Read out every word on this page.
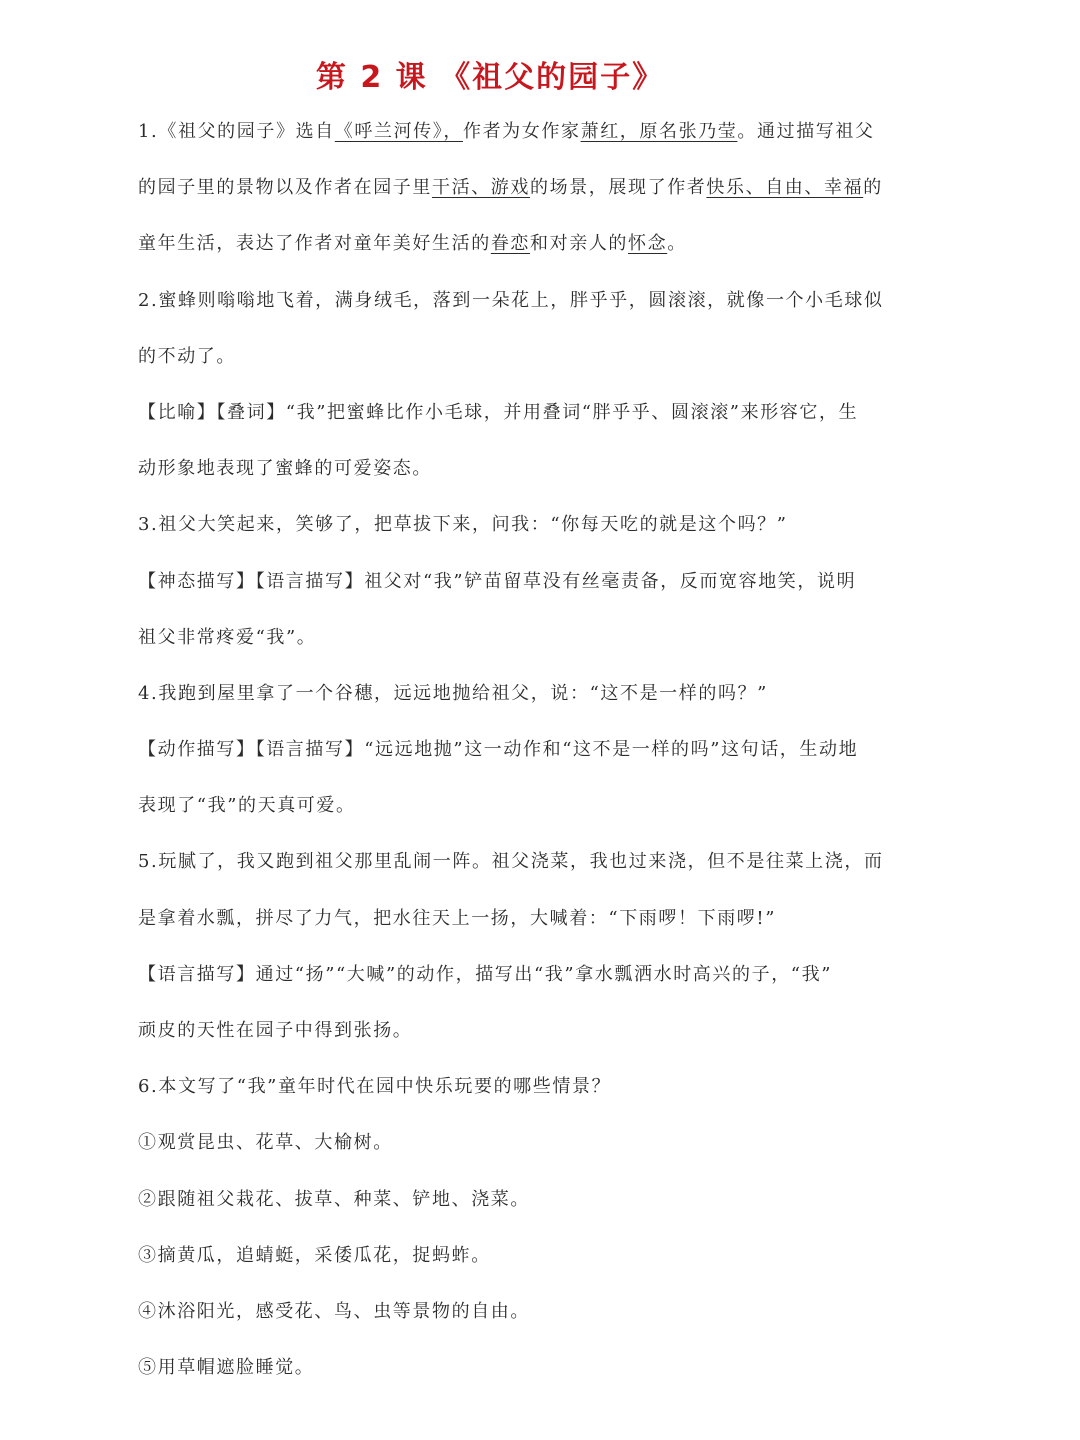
第 2 课 《祖父的园子》
1.《祖父的园子》选自《呼兰河传》，作者为女作家萧红，原名张乃莹。通过描写祖父
的园子里的景物以及作者在园子里干活、游戏的场景，展现了作者快乐、自由、幸福的
童年生活，表达了作者对童年美好生活的眷恋和对亲人的怀念。
2.蜜蜂则嗡嗡地飞着，满身绒毛，落到一朵花上，胖乎乎，圆滚滚，就像一个小毛球似
的不动了。
【比喻】【叠词】“我”把蜜蜂比作小毛球，并用叠词“胖乎乎、圆滚滚”来形容它，生
动形象地表现了蜜蜂的可爱姿态。
3.祖父大笑起来，笑够了，把草拔下来，问我：“你每天吃的就是这个吗？”
【神态描写】【语言描写】祖父对“我”铲苗留草没有丝毫责备，反而宽容地笑，说明
祖父非常疼爱“我”。
4.我跑到屋里拿了一个谷穗，远远地抛给祖父，说：“这不是一样的吗？”
【动作描写】【语言描写】“远远地抛”这一动作和“这不是一样的吗”这句话，生动地
表现了“我”的天真可爱。
5.玩腻了，我又跑到祖父那里乱闹一阵。祖父浇菜，我也过来浇，但不是往菜上浇，而
是拿着水瓢，拼尽了力气，把水往天上一扬，大喊着：“下雨啰！下雨啰!”
【语言描写】通过“扬”“大喊”的动作，描写出“我”拿水瓢洒水时高兴的子，“我”
顽皮的天性在园子中得到张扬。
6.本文写了“我”童年时代在园中快乐玩要的哪些情景？
①观赏昆虫、花草、大榆树。
②跟随祖父栽花、拔草、种菜、铲地、浇菜。
③摘黄瓜，追蜻蜓，采倭瓜花，捉蚂蚱。
④沐浴阳光，感受花、鸟、虫等景物的自由。
⑤用草帽遮脸睡觉。
